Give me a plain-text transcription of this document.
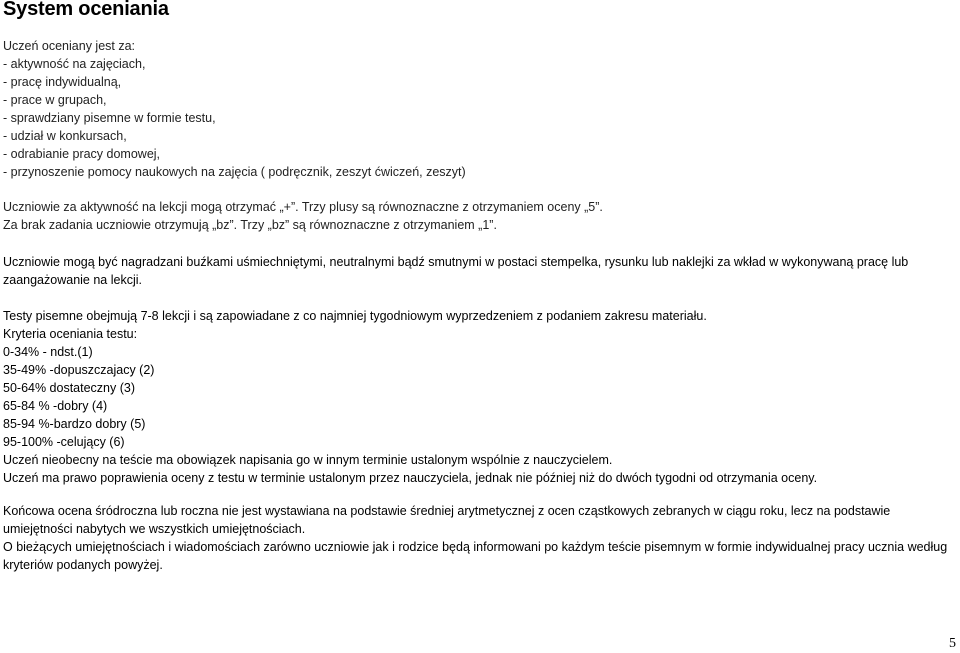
System oceniania
Uczeń oceniany jest za:
- aktywność na zajęciach,
- pracę indywidualną,
- prace w grupach,
- sprawdziany pisemne w formie testu,
- udział w konkursach,
- odrabianie pracy domowej,
- przynoszenie pomocy naukowych na zajęcia ( podręcznik, zeszyt ćwiczeń, zeszyt)
Uczniowie za aktywność na lekcji mogą otrzymać „+”. Trzy plusy są równoznaczne z otrzymaniem oceny „5”.
Za brak zadania uczniowie otrzymują „bz”. Trzy „bz” są równoznaczne z otrzymaniem „1”.
Uczniowie mogą być nagradzani buźkami uśmiechniętymi, neutralnymi bądź smutnymi w postaci stempelka, rysunku lub naklejki za wkład w wykonywaną pracę lub zaangażowanie na lekcji.
Testy pisemne obejmują 7-8 lekcji i są zapowiadane z co najmniej tygodniowym wyprzedzeniem z podaniem zakresu materiału.
Kryteria oceniania testu:
0-34% - ndst.(1)
35-49% -dopuszczajacy (2)
50-64% dostateczny (3)
65-84 % -dobry (4)
85-94 %-bardzo dobry (5)
95-100% -celujący (6)
Uczeń nieobecny na teście ma obowiązek napisania go w innym terminie ustalonym wspólnie z nauczycielem.
Uczeń ma prawo poprawienia oceny z testu w terminie ustalonym przez nauczyciela, jednak nie później niż do dwóch tygodni od otrzymania oceny.
Końcowa ocena śródroczna lub roczna nie jest wystawiana na podstawie średniej arytmetycznej z ocen cząstkowych zebranych w ciągu roku, lecz na podstawie umiejętności nabytych we wszystkich umiejętnościach.
O bieżących umiejętnościach i wiadomościach zarówno uczniowie jak i rodzice będą informowani po każdym teście pisemnym w formie indywidualnej pracy ucznia według kryteriów podanych powyżej.
5
